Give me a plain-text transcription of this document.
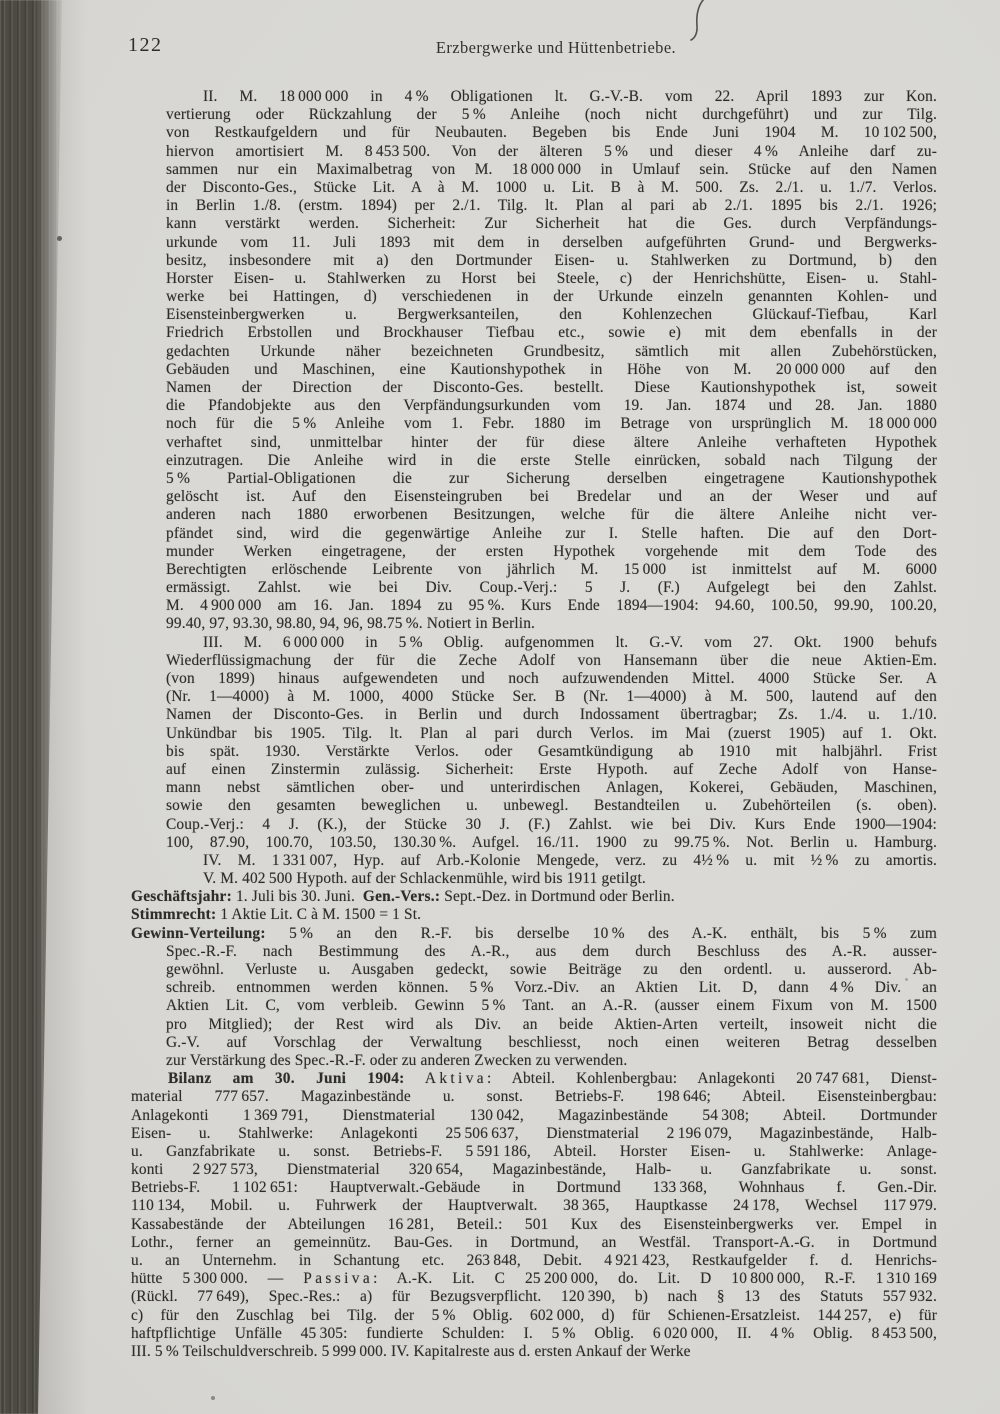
122	Erzbergwerke und Hüttenbetriebe.
II. M. 18 000 000 in 4 % Obligationen lt. G.-V.-B. vom 22. April 1893 zur Kon.
vertierung oder Rückzahlung der 5 % Anleihe (noch nicht durchgeführt) und zur Tilg.
von Restkaufgeldern und für Neubauten. Begeben bis Ende Juni 1904 M. 10 102 500,
hiervon amortisiert M. 8 453 500. Von der älteren 5 % und dieser 4 % Anleihe darf zu-
sammen nur ein Maximalbetrag von M. 18 000 000 in Umlauf sein. Stücke auf den Namen
der Disconto-Ges., Stücke Lit. A à M. 1000 u. Lit. B à M. 500. Zs. 2./1. u. 1./7. Verlos.
in Berlin 1./8. (erstm. 1894) per 2./1. Tilg. lt. Plan al pari ab 2./1. 1895 bis 2./1. 1926;
kann verstärkt werden. Sicherheit: Zur Sicherheit hat die Ges. durch Verpfändungs-
urkunde vom 11. Juli 1893 mit dem in derselben aufgeführten Grund- und Bergwerks-
besitz, insbesondere mit a) den Dortmunder Eisen- u. Stahlwerken zu Dortmund, b) den
Horster Eisen- u. Stahlwerken zu Horst bei Steele, c) der Henrichshütte, Eisen- u. Stahl-
werke bei Hattingen, d) verschiedenen in der Urkunde einzeln genannten Kohlen- und
Eisensteinbergwerken u. Bergwerksanteilen, den Kohlenzechen Glückauf-Tiefbau, Karl
Friedrich Erbstollen und Brockhauser Tiefbau etc., sowie e) mit dem ebenfalls in der
gedachten Urkunde näher bezeichneten Grundbesitz, sämtlich mit allen Zubehörstücken,
Gebäuden und Maschinen, eine Kautionshypothek in Höhe von M. 20 000 000 auf den
Namen der Direction der Disconto-Ges. bestellt. Diese Kautionshypothek ist, soweit
die Pfandobjekte aus den Verpfändungsurkunden vom 19. Jan. 1874 und 28. Jan. 1880
noch für die 5 % Anleihe vom 1. Febr. 1880 im Betrage von ursprünglich M. 18 000 000
verhaftet sind, unmittelbar hinter der für diese ältere Anleihe verhafteten Hypothek
einzutragen. Die Anleihe wird in die erste Stelle einrücken, sobald nach Tilgung der
5 % Partial-Obligationen die zur Sicherung derselben eingetragene Kautionshypothek
gelöscht ist. Auf den Eisensteingruben bei Bredelar und an der Weser und auf
anderen nach 1880 erworbenen Besitzungen, welche für die ältere Anleihe nicht ver-
pfändet sind, wird die gegenwärtige Anleihe zur I. Stelle haften. Die auf den Dort-
munder Werken eingetragene, der ersten Hypothek vorgehende mit dem Tode des
Berechtigten erlöschende Leibrente von jährlich M. 15 000 ist inmittelst auf M. 6000
ermässigt. Zahlst. wie bei Div. Coup.-Verj.: 5 J. (F.) Aufgelegt bei den Zahlst.
M. 4 900 000 am 16. Jan. 1894 zu 95 %. Kurs Ende 1894—1904: 94.60, 100.50, 99.90, 100.20,
99.40, 97, 93.30, 98.80, 94, 96, 98.75 %. Notiert in Berlin.
III. M. 6 000 000 in 5 % Oblig. aufgenommen lt. G.-V. vom 27. Okt. 1900 behufs
Wiederflüssigmachung der für die Zeche Adolf von Hansemann über die neue Aktien-Em.
(von 1899) hinaus aufgewendeten und noch aufzuwendenden Mittel. 4000 Stücke Ser. A
(Nr. 1—4000) à M. 1000, 4000 Stücke Ser. B (Nr. 1—4000) à M. 500, lautend auf den
Namen der Disconto-Ges. in Berlin und durch Indossament übertragbar; Zs. 1./4. u. 1./10.
Unkündbar bis 1905. Tilg. lt. Plan al pari durch Verlos. im Mai (zuerst 1905) auf 1. Okt.
bis spät. 1930. Verstärkte Verlos. oder Gesamtkündigung ab 1910 mit halbjährl. Frist
auf einen Zinstermin zulässig. Sicherheit: Erste Hypoth. auf Zeche Adolf von Hanse-
mann nebst sämtlichen ober- und unterirdischen Anlagen, Kokerei, Gebäuden, Maschinen,
sowie den gesamten beweglichen u. unbewegl. Bestandteilen u. Zubehörteilen (s. oben).
Coup.-Verj.: 4 J. (K.), der Stücke 30 J. (F.) Zahlst. wie bei Div. Kurs Ende 1900—1904:
100, 87.90, 100.70, 103.50, 130.30 %. Aufgel. 16./11. 1900 zu 99.75 %. Not. Berlin u. Hamburg.
IV. M. 1 331 007, Hyp. auf Arb.-Kolonie Mengede, verz. zu 4½ % u. mit ½ % zu amortis.
V. M. 402 500 Hypoth. auf der Schlackenmühle, wird bis 1911 getilgt.
Geschäftsjahr: 1. Juli bis 30. Juni. Gen.-Vers.: Sept.-Dez. in Dortmund oder Berlin.
Stimmrecht: 1 Aktie Lit. C à M. 1500 = 1 St.
Gewinn-Verteilung: 5 % an den R.-F. bis derselbe 10 % des A.-K. enthält, bis 5 % zum
Spec.-R.-F. nach Bestimmung des A.-R., aus dem durch Beschluss des A.-R. ausser-
gewöhnl. Verluste u. Ausgaben gedeckt, sowie Beiträge zu den ordentl. u. ausserord. Ab-
schreib. entnommen werden können. 5 % Vorz.-Div. an Aktien Lit. D, dann 4 % Div. an
Aktien Lit. C, vom verbleib. Gewinn 5 % Tant. an A.-R. (ausser einem Fixum von M. 1500
pro Mitglied); der Rest wird als Div. an beide Aktien-Arten verteilt, insoweit nicht die
G.-V. auf Vorschlag der Verwaltung beschliesst, noch einen weiteren Betrag desselben
zur Verstärkung des Spec.-R.-F. oder zu anderen Zwecken zu verwenden.
Bilanz am 30. Juni 1904: A k t i v a : Abteil. Kohlenbergbau: Anlagekonti 20 747 681, Dienst-
material 777 657. Magazinbestände u. sonst. Betriebs-F. 198 646; Abteil. Eisensteinbergbau:
Anlagekonti 1 369 791, Dienstmaterial 130 042, Magazinbestände 54 308; Abteil. Dortmunder
Eisen- u. Stahlwerke: Anlagekonti 25 506 637, Dienstmaterial 2 196 079, Magazinbestände, Halb-
u. Ganzfabrikate u. sonst. Betriebs-F. 5 591 186, Abteil. Horster Eisen- u. Stahlwerke: Anlage-
konti 2 927 573, Dienstmaterial 320 654, Magazinbestände, Halb- u. Ganzfabrikate u. sonst.
Betriebs-F. 1 102 651: Hauptverwalt.-Gebäude in Dortmund 133 368, Wohnhaus f. Gen.-Dir.
110 134, Mobil. u. Fuhrwerk der Hauptverwalt. 38 365, Hauptkasse 24 178, Wechsel 117 979.
Kassabestände der Abteilungen 16 281, Beteil.: 501 Kux des Eisensteinbergwerks ver. Empel in
Lothr., ferner an gemeinnütz. Bau-Ges. in Dortmund, an Westfäl. Transport-A.-G. in Dortmund
u. an Unternehm. in Schantung etc. 263 848, Debit. 4 921 423, Restkaufgelder f. d. Henrichs-
hütte 5 300 000. — P a s s i v a : A.-K. Lit. C 25 200 000, do. Lit. D 10 800 000, R.-F. 1 310 169
(Rückl. 77 649), Spec.-Res.: a) für Bezugsverpflicht. 120 390, b) nach § 13 des Statuts 557 932.
c) für den Zuschlag bei Tilg. der 5 % Oblig. 602 000, d) für Schienen-Ersatzleist. 144 257, e) für
haftpflichtige Unfälle 45 305: fundierte Schulden: I. 5 % Oblig. 6 020 000, II. 4 % Oblig. 8 453 500,
III. 5 % Teilschuldverschreib. 5 999 000. IV. Kapitalreste aus d. ersten Ankauf der Werke
